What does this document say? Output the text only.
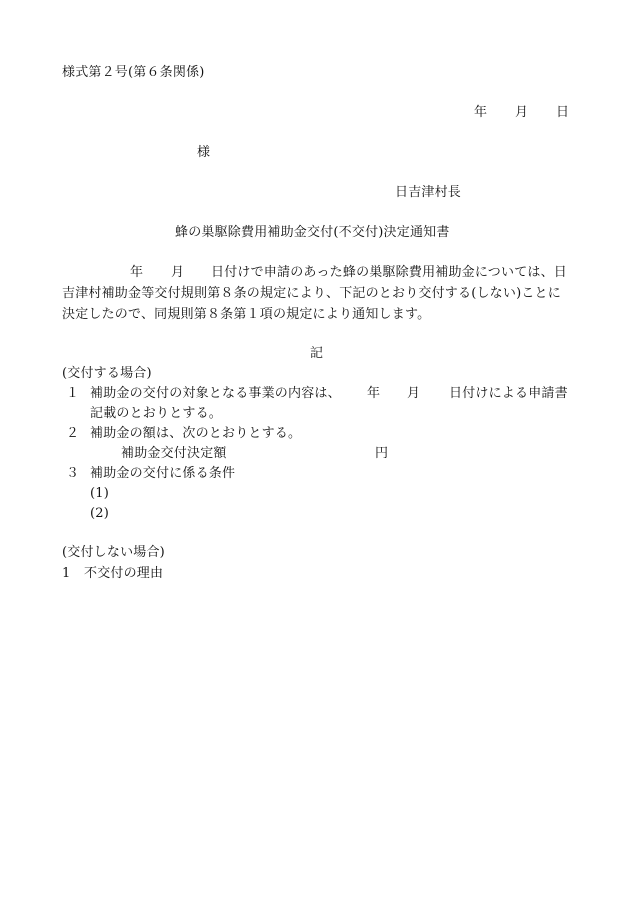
様式第２号(第６条関係)
年 月 日
様
日吉津村長
蜂の巣駆除費用補助金交付(不交付)決定通知書
年 月 日付けで申請のあった蜂の巣駆除費用補助金については、日
吉津村補助金等交付規則第８条の規定により、下記のとおり交付する(しない)ことに
決定したので、同規則第８条第１項の規定により通知します。
記
(交付する場合)
１ 補助金の交付の対象となる事業の内容は、 年 月 日付けによる申請書
記載のとおりとする。
２ 補助金の額は、次のとおりとする。
補助金交付決定額	円
３ 補助金の交付に係る条件
(1)
(2)
(交付しない場合)
1 不交付の理由
